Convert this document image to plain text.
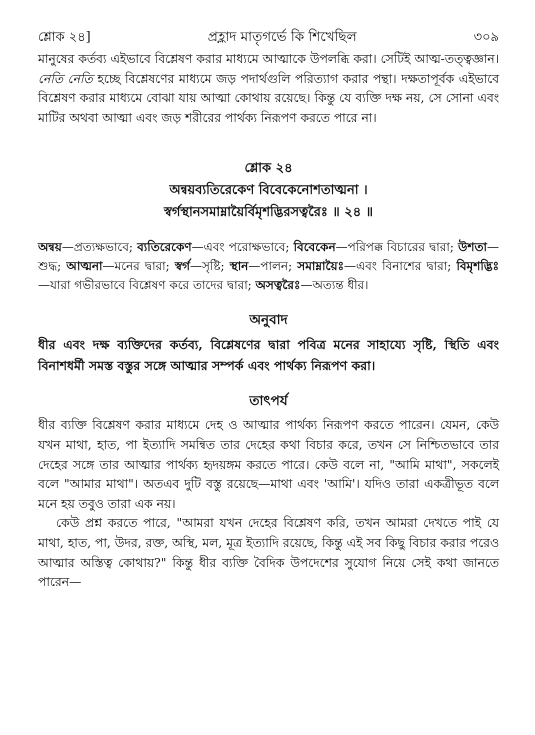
শ্লোক ২৪]	প্রহ্লাদ মাতৃগর্ভে কি শিখেছিল	৩০৯

মানুষের কর্তব্য এইভাবে বিশ্লেষণ করার মাধ্যমে আত্মাকে উপলব্ধি করা। সেটিই আত্ম-তত্ত্বজ্ঞান। নেতি নেতি হচ্ছে বিশ্লেষণের মাধ্যমে জড় পদার্থগুলি পরিত্যাগ করার পন্থা। দক্ষতাপূর্বক এইভাবে বিশ্লেষণ করার মাধ্যমে বোঝা যায় আত্মা কোথায় রয়েছে। কিন্তু যে ব্যক্তি দক্ষ নয়, সে সোনা এবং মাটির অথবা আত্মা এবং জড় শরীরের পার্থক্য নিরূপণ করতে পারে না।

শ্লোক ২৪

অন্বয়ব্যতিরেকেণ বিবেকেনোশতাত্মনা ।

স্বর্গস্থানসমাম্নায়ৈর্বিমৃশদ্ভিরসত্বরৈঃ ॥ ২৪ ॥

অন্বয়—প্রত্যক্ষভাবে; ব্যতিরেকেণ—এবং পরোক্ষভাবে; বিবেকেন—পরিপক্ক বিচারের দ্বারা; উশতা—শুদ্ধ; আত্মনা—মনের দ্বারা; স্বর্গ—সৃষ্টি; স্থান—পালন; সমাম্নায়ৈঃ—এবং বিনাশের দ্বারা; বিমৃশদ্ভিঃ—যারা গভীরভাবে বিশ্লেষণ করে তাদের দ্বারা; অসত্বরৈঃ—অত্যন্ত ধীর।

অনুবাদ

ধীর এবং দক্ষ ব্যক্তিদের কর্তব্য, বিশ্লেষণের দ্বারা পবিত্র মনের সাহায্যে সৃষ্টি, স্থিতি এবং বিনাশধর্মী সমস্ত বস্তুর সঙ্গে আত্মার সম্পর্ক এবং পার্থক্য নিরূপণ করা।

তাৎপর্য

ধীর ব্যক্তি বিশ্লেষণ করার মাধ্যমে দেহ ও আত্মার পার্থক্য নিরূপণ করতে পারেন। যেমন, কেউ যখন মাথা, হাত, পা ইত্যাদি সমন্বিত তার দেহের কথা বিচার করে, তখন সে নিশ্চিতভাবে তার দেহের সঙ্গে তার আত্মার পার্থক্য হৃদয়ঙ্গম করতে পারে। কেউ বলে না, "আমি মাথা", সকলেই বলে "আমার মাথা"। অতএব দুটি বস্তু রয়েছে—মাথা এবং 'আমি'। যদিও তারা একত্রীভূত বলে মনে হয় তবুও তারা এক নয়।

কেউ প্রশ্ন করতে পারে, "আমরা যখন দেহের বিশ্লেষণ করি, তখন আমরা দেখতে পাই যে মাথা, হাত, পা, উদর, রক্ত, অস্থি, মল, মূত্র ইত্যাদি রয়েছে, কিন্তু এই সব কিছু বিচার করার পরেও আত্মার অস্তিত্ব কোথায়?" কিন্তু ধীর ব্যক্তি বৈদিক উপদেশের সুযোগ নিয়ে সেই কথা জানতে পারেন—
